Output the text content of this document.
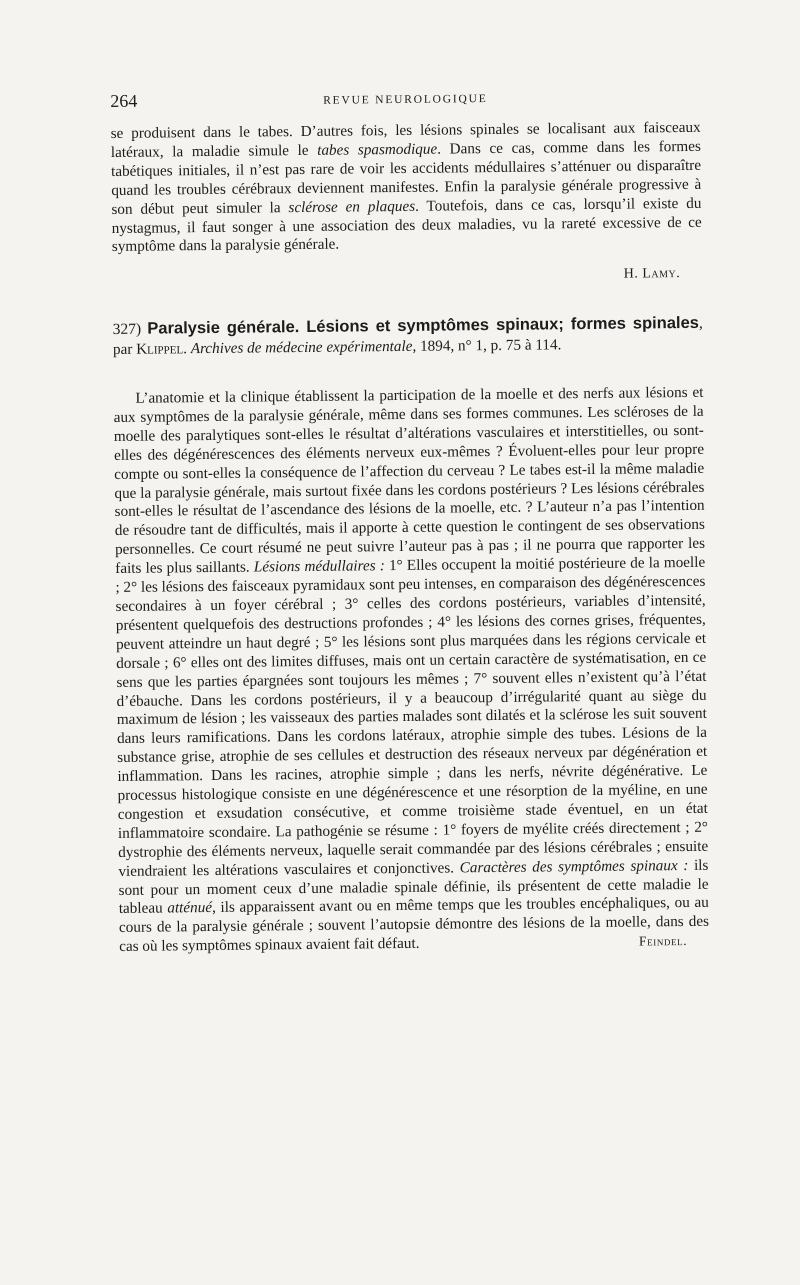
264	REVUE NEUROLOGIQUE
se produisent dans le tabes. D’autres fois, les lésions spinales se localisant aux faisceaux latéraux, la maladie simule le tabes spasmodique. Dans ce cas, comme dans les formes tabétiques initiales, il n’est pas rare de voir les accidents médullaires s’atténuer ou disparaître quand les troubles cérébraux deviennent manifestes. Enfin la paralysie générale progressive à son début peut simuler la sclérose en plaques. Toutefois, dans ce cas, lorsqu’il existe du nystagmus, il faut songer à une association des deux maladies, vu la rareté excessive de ce symptôme dans la paralysie générale.
H. Lamy.
327) Paralysie générale. Lésions et symptômes spinaux; formes spinales, par Klippel. Archives de médecine expérimentale, 1894, n° 1, p. 75 à 114.
L’anatomie et la clinique établissent la participation de la moelle et des nerfs aux lésions et aux symptômes de la paralysie générale, même dans ses formes communes. Les scléroses de la moelle des paralytiques sont-elles le résultat d’altérations vasculaires et interstitielles, ou sont-elles des dégénérescences des éléments nerveux eux-mêmes ? Évoluent-elles pour leur propre compte ou sont-elles la conséquence de l’affection du cerveau ? Le tabes est-il la même maladie que la paralysie générale, mais surtout fixée dans les cordons postérieurs ? Les lésions cérébrales sont-elles le résultat de l’ascendance des lésions de la moelle, etc. ? L’auteur n’a pas l’intention de résoudre tant de difficultés, mais il apporte à cette question le contingent de ses observations personnelles. Ce court résumé ne peut suivre l’auteur pas à pas ; il ne pourra que rapporter les faits les plus saillants. Lésions médullaires : 1° Elles occupent la moitié postérieure de la moelle ; 2° les lésions des faisceaux pyramidaux sont peu intenses, en comparaison des dégénérescences secondaires à un foyer cérébral ; 3° celles des cordons postérieurs, variables d’intensité, présentent quelquefois des destructions profondes ; 4° les lésions des cornes grises, fréquentes, peuvent atteindre un haut degré ; 5° les lésions sont plus marquées dans les régions cervicale et dorsale ; 6° elles ont des limites diffuses, mais ont un certain caractère de systématisation, en ce sens que les parties épargnées sont toujours les mêmes ; 7° souvent elles n’existent qu’à l’état d’ébauche. Dans les cordons postérieurs, il y a beaucoup d’irrégularité quant au siège du maximum de lésion ; les vaisseaux des parties malades sont dilatés et la sclérose les suit souvent dans leurs ramifications. Dans les cordons latéraux, atrophie simple des tubes. Lésions de la substance grise, atrophie de ses cellules et destruction des réseaux nerveux par dégénération et inflammation. Dans les racines, atrophie simple ; dans les nerfs, névrite dégénérative. Le processus histologique consiste en une dégénérescence et une résorption de la myéline, en une congestion et exsudation consécutive, et comme troisième stade éventuel, en un état inflammatoire scondaire. La pathogénie se résume : 1° foyers de myélite créés directement ; 2° dystrophie des éléments nerveux, laquelle serait commandée par des lésions cérébrales ; ensuite viendraient les altérations vasculaires et conjonctives. Caractères des symptômes spinaux : ils sont pour un moment ceux d’une maladie spinale définie, ils présentent de cette maladie le tableau atténué, ils apparaissent avant ou en même temps que les troubles encéphaliques, ou au cours de la paralysie générale ; souvent l’autopsie démontre des lésions de la moelle, dans des cas où les symptômes spinaux avaient fait défaut.	Feindel.
